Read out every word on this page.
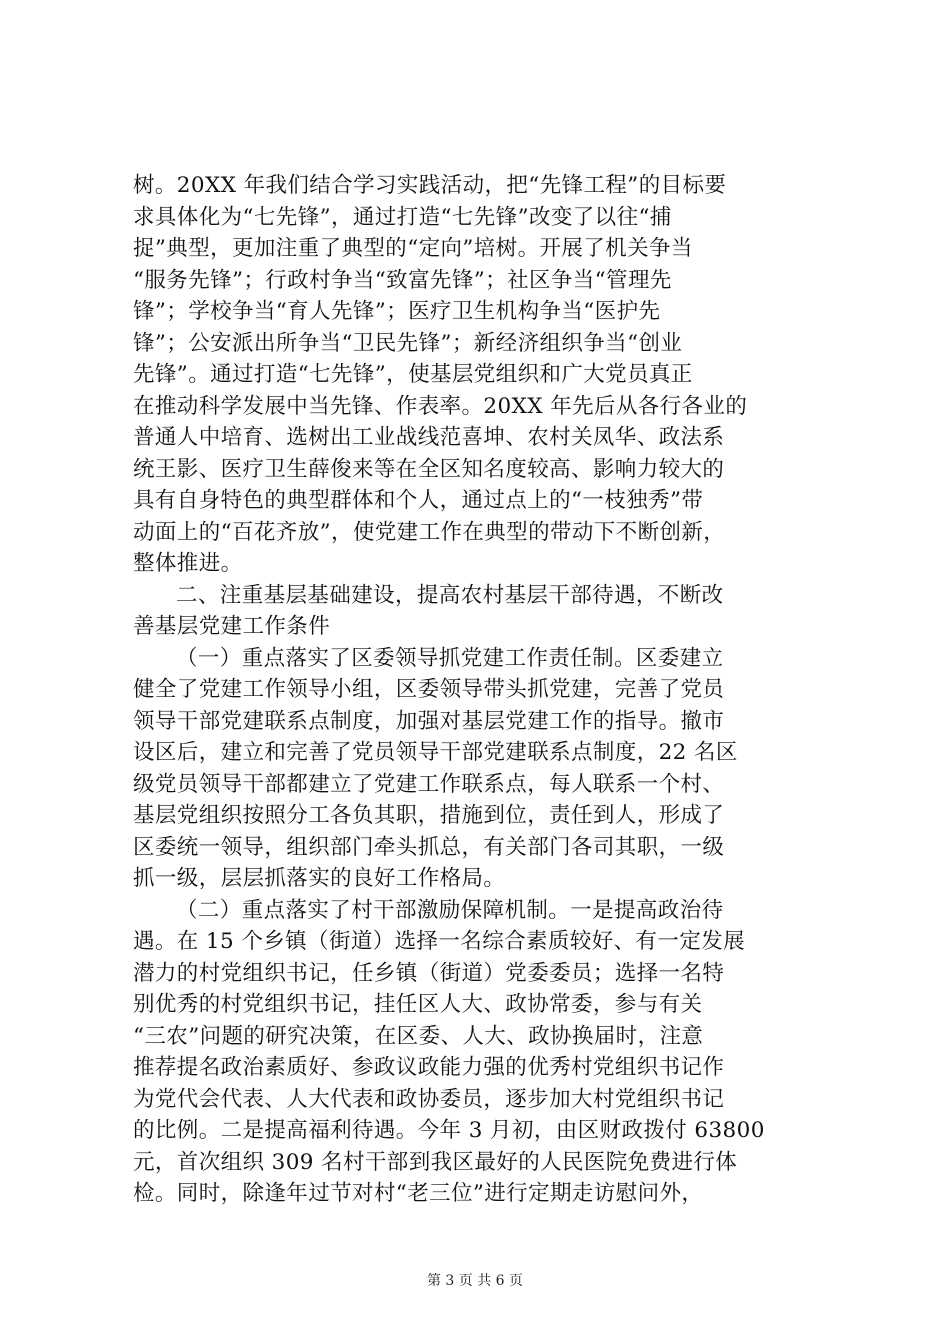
树。20XX 年我们结合学习实践活动，把“先锋工程”的目标要
求具体化为“七先锋”，通过打造“七先锋”改变了以往“捕
捉”典型，更加注重了典型的“定向”培树。开展了机关争当
“服务先锋”；行政村争当“致富先锋”；社区争当“管理先
锋”；学校争当“育人先锋”；医疗卫生机构争当“医护先
锋”；公安派出所争当“卫民先锋”；新经济组织争当“创业
先锋”。通过打造“七先锋”，使基层党组织和广大党员真正
在推动科学发展中当先锋、作表率。20XX 年先后从各行各业的
普通人中培育、选树出工业战线范喜坤、农村关凤华、政法系
统王影、医疗卫生薛俊来等在全区知名度较高、影响力较大的
具有自身特色的典型群体和个人，通过点上的“一枝独秀”带
动面上的“百花齐放”，使党建工作在典型的带动下不断创新，
整体推进。
二、注重基层基础建设，提高农村基层干部待遇，不断改
善基层党建工作条件
（一）重点落实了区委领导抓党建工作责任制。区委建立
健全了党建工作领导小组，区委领导带头抓党建，完善了党员
领导干部党建联系点制度，加强对基层党建工作的指导。撤市
设区后，建立和完善了党员领导干部党建联系点制度，22 名区
级党员领导干部都建立了党建工作联系点，每人联系一个村、
基层党组织按照分工各负其职，措施到位，责任到人，形成了
区委统一领导，组织部门牵头抓总，有关部门各司其职，一级
抓一级，层层抓落实的良好工作格局。
（二）重点落实了村干部激励保障机制。一是提高政治待
遇。在 15 个乡镇（街道）选择一名综合素质较好、有一定发展
潜力的村党组织书记，任乡镇（街道）党委委员；选择一名特
别优秀的村党组织书记，挂任区人大、政协常委，参与有关
“三农”问题的研究决策，在区委、人大、政协换届时，注意
推荐提名政治素质好、参政议政能力强的优秀村党组织书记作
为党代会代表、人大代表和政协委员，逐步加大村党组织书记
的比例。二是提高福利待遇。今年 3 月初，由区财政拨付 63800
元，首次组织 309 名村干部到我区最好的人民医院免费进行体
检。同时，除逢年过节对村“老三位”进行定期走访慰问外，
第 3 页 共 6 页
